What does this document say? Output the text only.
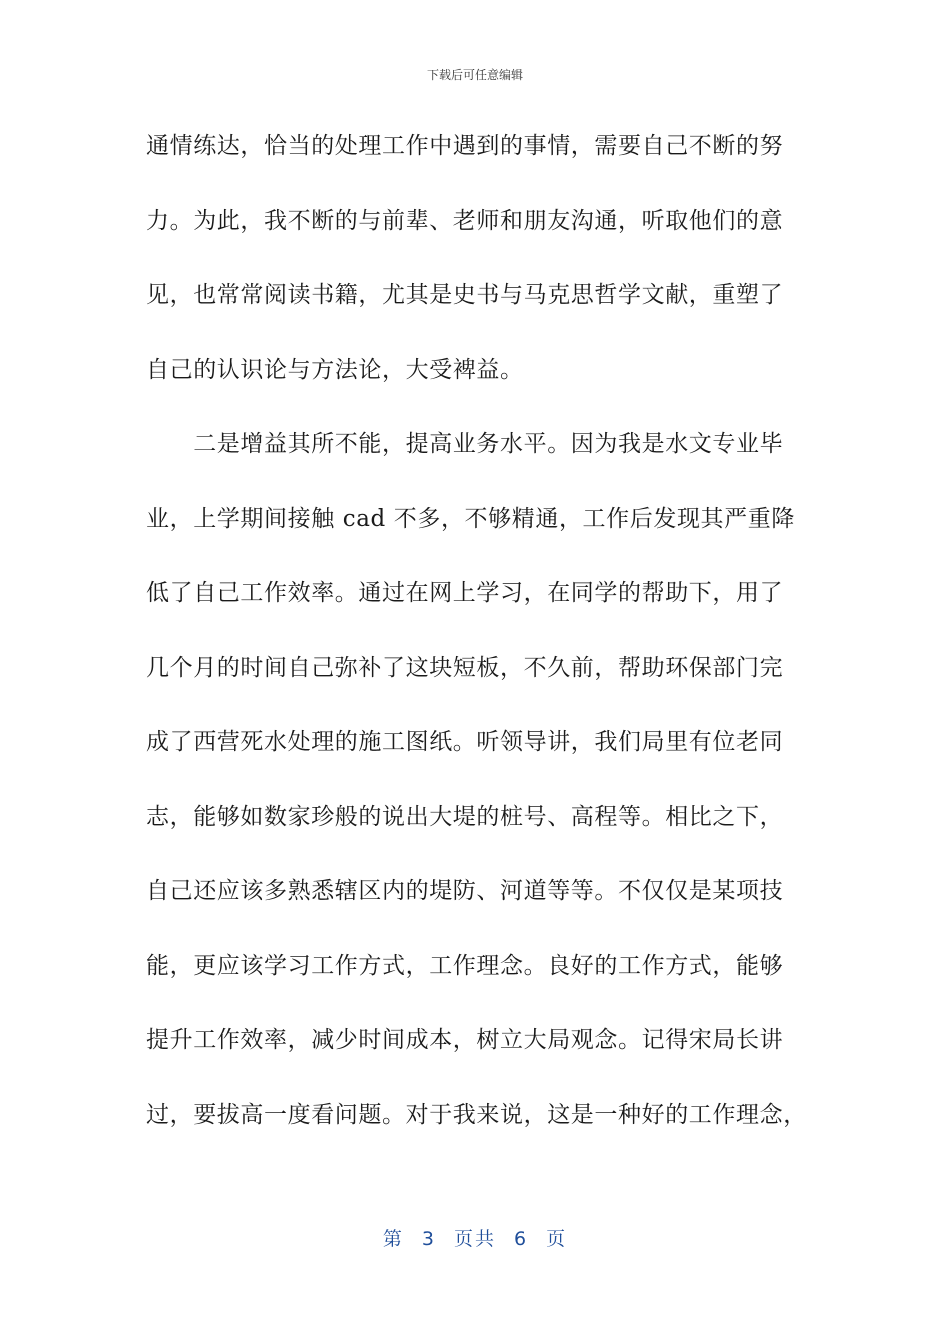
下载后可任意编辑
通情练达，恰当的处理工作中遇到的事情，需要自己不断的努
力。为此，我不断的与前辈、老师和朋友沟通，听取他们的意
见，也常常阅读书籍，尤其是史书与马克思哲学文献，重塑了
自己的认识论与方法论，大受裨益。
　　二是增益其所不能，提高业务水平。因为我是水文专业毕
业，上学期间接触 cad 不多，不够精通，工作后发现其严重降
低了自己工作效率。通过在网上学习，在同学的帮助下，用了
几个月的时间自己弥补了这块短板，不久前，帮助环保部门完
成了西营死水处理的施工图纸。听领导讲，我们局里有位老同
志，能够如数家珍般的说出大堤的桩号、高程等。相比之下，
自己还应该多熟悉辖区内的堤防、河道等等。不仅仅是某项技
能，更应该学习工作方式，工作理念。良好的工作方式，能够
提升工作效率，减少时间成本，树立大局观念。记得宋局长讲
过，要拔高一度看问题。对于我来说，这是一种好的工作理念，
第 3 页共 6 页
